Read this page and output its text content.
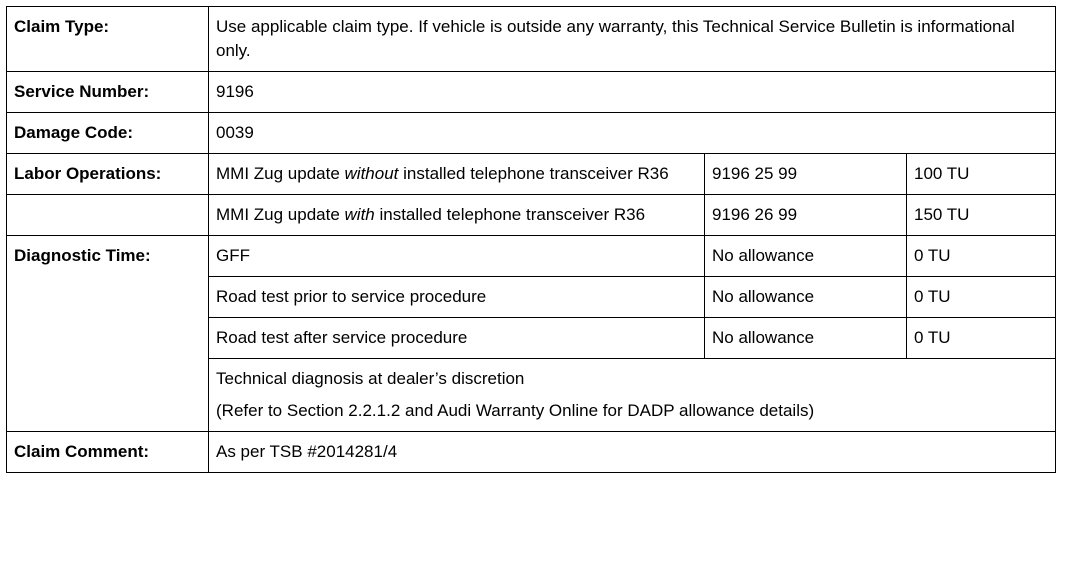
Claim Type:	Use applicable claim type. If vehicle is outside any warranty, this Technical Service Bulletin is informational only.		
Service Number:	9196		
Damage Code:	0039		
Labor Operations:	MMI Zug update without installed telephone transceiver R36	9196 25 99	100 TU
	MMI Zug update with installed telephone transceiver R36	9196 26 99	150 TU
Diagnostic Time:	GFF	No allowance	0 TU
	Road test prior to service procedure	No allowance	0 TU
	Road test after service procedure	No allowance	0 TU

	Technical diagnosis at dealer’s discretion
(Refer to Section 2.2.1.2 and Audi Warranty Online for DADP allowance details)		

Claim Comment:	As per TSB #2014281/4		
